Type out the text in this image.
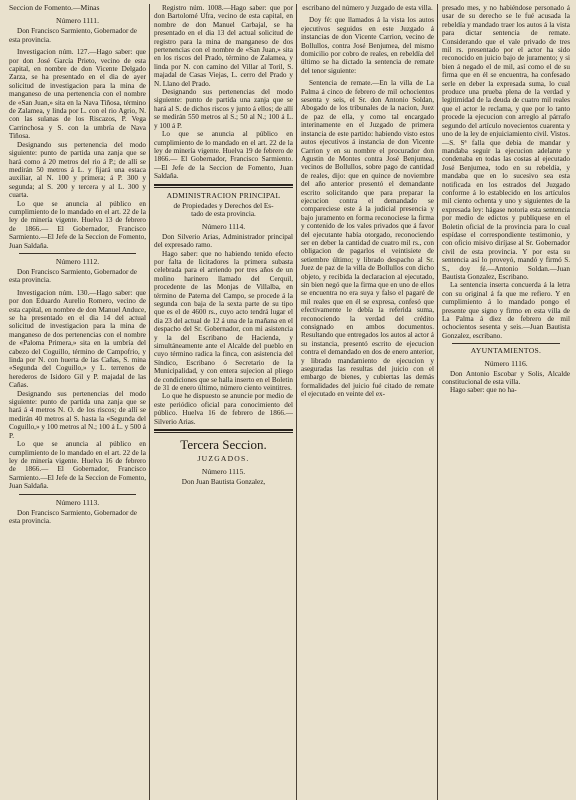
Seccion de Fomento.—Minas

Número 1111.

Don Francisco Sarmiento, Gobernador de esta provincia.

Investigacion núm. 127.—Hago saber: que por don José García Prieto, vecino de esta capital, en nombre de don Vicente Delgado Zarza, se ha presentado en el dia de ayer solicitud de investigacion para la mina de manganeso de una pertenencia con el nombre de «San Juan,» sita en la Nava Tiñosa, término de Zalamea, y linda por L. con el rio Agrio, N. con las sulanas de los Riscazos, P. Vega Carrinchosa y S. con la umbría de Nava Tiñosa.

Designando sus pertenencia del modo siguiente: punto de partida una zanja que se hará como á 20 metros del rio á P.; de allí se medirán 50 metros á L. y fijará una estaca auxiliar, al N. 100 y primera; á P. 300 y segunda; al S. 200 y tercera y al L. 300 y cuarta.

Lo que se anuncia al público en cumplimiento de lo mandado en el art. 22 de la ley de minería vigente. Huelva 13 de febrero de 1866.— El Gobernador, Francisco Sarmiento.—El Jefe de la Seccion de Fomento, Juan Saldaña.

Número 1112.

Don Francisco Sarmiento, Gobernador de esta provincia.

Investigacion núm. 130.—Hago saber: que por don Eduardo Aurelio Romero, vecino de esta capital, en nombre de don Manuel Anduce, se ha presentado en el dia 14 del actual solicitud de investigacion para la mina de manganeso de dos pertenencias con el nombre de «Paloma Primera,» sita en la umbría del cabezo del Coguillo, término de Campofrio, y linda por N. con huerta de las Cañas, S. mina «Segunda del Coguillo,» y L. terrenos de herederos de Isidoro Gil y P. majadal de las Cañas.

Designando sus pertenencias del modo siguiente: punto de partida una zanja que se hará á 4 metros N. O. de los riscos; de allí se medirán 40 metros al S. hasta la «Segunda del Coguillo,» y 100 metros al N.; 100 á L. y 500 á P.

Lo que se anuncia al público en cumplimiento de lo mandado en el art. 22 de la ley de minería vigente. Huelva 16 de febrero de 1866.— El Gobernador, Francisco Sarmiento.—El Jefe de la Seccion de Fomento, Juan Saldaña.

Número 1113.

Don Francisco Sarmiento, Gobernador de esta provincia.

Registro núm. 1008.—Hago saber: que por don Bartolomé Ufra, vecino de esta capital, en nombre de don Manuel Carbajal, se ha presentado en el dia 13 del actual solicitud de registro para la mina de manganeso de dos pertenencias con el nombre de «San Juan,» sita en los riscos del Prado, término de Zalamea, y linda por N. con camino del Villar al Toril, S. majadal de Casas Viejas, L. cerro del Prado y N. Llano del Prado.

Designando sus pertenencias del modo siguiente: punto de partida una zanja que se hará al S. de dichos riscos y junto á ellos; de allí se medirán 550 metros al S.; 50 al N.; 100 á L. y 100 á P.

Lo que se anuncia al público en cumplimiento de lo mandado en el art. 22 de la ley de minería vigente. Huelva 19 de febrero de 1866.— El Gobernador, Francisco Sarmiento.—El Jefe de la Seccion de Fomento, Juan Saldaña.

ADMINISTRACION PRINCIPAL

de Propiedades y Derechos del Es-

tado de esta provincia.

Número 1114.

Don Silverio Arias, Administrador principal del expresado ramo.

Hago saber: que no habiendo tenido efecto por falta de licitadores la primera subasta celebrada para el arriendo por tres años de un molino harinero llamado del Cerquil, procedente de las Monjas de Villalba, en término de Paterna del Campo, se procede á la segunda con baja de la sexta parte de su tipo que es el de 4600 rs., cuyo acto tendrá lugar el dia 23 del actual de 12 á una de la mañana en el despacho del Sr. Gobernador, con mi asistencia y la del Escribano de Hacienda, y simultáneamente ante el Alcalde del pueblo en cuyo término radica la finca, con asistencia del Síndico, Escribano ó Secretario de la Municipalidad, y con entera sujecion al pliego de condiciones que se halla inserto en el Boletin de 31 de enero último, número ciento veintitres.

Lo que he dispuesto se anuncie por medio de este periódico oficial para conocimiento del público. Huelva 16 de febrero de 1866.—Silverio Arias.

Tercera Seccion.

JUZGADOS.

Número 1115.

Don Juan Bautista Gonzalez,

escribano del número y Juzgado de esta villa.

Doy fé: que llamados á la vista los autos ejecutivos seguidos en este Juzgado á instancias de don Vicente Carrion, vecino de Bollullos, contra José Benjumea, del mismo domicilio por cobro de reales, en rebeldía del último se ha dictado la sentencia de remate del tenor siguiente:

Sentencia de remate.—En la villa de La Palma á cinco de febrero de mil ochocientos sesenta y seis, el Sr. don Antonio Soldan, Abogado de los tribunales de la nacion, Juez de paz de ella, y como tal encargado interinamente en el Juzgado de primera instancia de este partido: habiendo visto estos autos ejecutivos á instancia de don Vicente Carrion y en su nombre el procurador don Agustin de Montes contra José Benjumea, vecinos de Bollullos, sobre pago de cantidad de reales, dijo: que en quince de noviembre del año anterior presentó el demandante escrito solicitando que para preparar la ejecucion contra el demandado se compareciese este á la judicial presencia y bajo juramento en forma reconociese la firma y contenido de los vales privados que á favor del ejecutante había otorgado, reconociendo ser en deber la cantidad de cuatro mil rs., con obligacion de pagarlos el veintisiete de setiembre último; y librado despacho al Sr. Juez de paz de la villa de Bollullos con dicho objeto, y recibida la declaracion al ejecutado, sin bien negó que la firma que en uno de ellos se encuentra no era suya y falso el pagaré de mil reales que en él se expresa, confesó que efectivamente le debía la referida suma, reconociendo la verdad del crédito consignado en ambos documentos. Resultando que entregados los autos al actor á su instancia, presentó escrito de ejecucion contra el demandado en dos de enero anterior, y librado mandamiento de ejecucion y aseguradas las resultas del juicio con el embargo de bienes, y cubiertas las demás formalidades del juicio fué citado de remate el ejecutado en veinte del ex-

presado mes, y no habiéndose personado á usar de su derecho se le fué acusada la rebeldía y mandado traer los autos á la vista para dictar sentencia de remate. Considerando que el vale privado de tres mil rs. presentado por el actor ha sido reconocido en juicio bajo de juramento; y si bien á negado el de mil, así como el de su firma que en él se encuentra, ha confesado serle en deber la expresada suma, lo cual produce una prueba plena de la verdad y legitimidad de la deuda de cuatro mil reales que el actor le reclama, y que por lo tanto procede la ejecucion con arreglo al párrafo segundo del artículo novecientos cuarenta y uno de la ley de enjuiciamiento civil. Vistos.—S. Sª falla que debia de mandar y mandaba seguir la ejecucion adelante y condenaba en todas las costas al ejecutado José Benjumea, todo en su rebeldía, y mandaba que en lo sucesivo sea esta notificada en los estrados del Juzgado conforme á lo establecido en los artículos mil ciento ochenta y uno y siguientes de la expresada ley: hágase notoria esta sentencia por medio de edictos y publíquese en el Boletin oficial de la provincia para lo cual espídase el correspondiente testimonio, y con oficio misivo diríjase al Sr. Gobernador civil de esta provincia. Y por esta su sentencia así lo proveyó, mandó y firmó S. S., doy fé.—Antonio Soldan.—Juan Bautista Gonzalez, Escribano.

La sentencia inserta concuerda á la letra con su original á fa que me refiero. Y en cumplimiento á lo mandado pongo el presente que signo y firmo en esta villa de La Palma á diez de febrero de mil ochocientos sesenta y seis.—Juan Bautista Gonzalez, escribano.

AYUNTAMIENTOS.

Número 1116.

Don Antonio Escobar y Solis, Alcalde constitucional de esta villa.

Hago saber: que no ha-
